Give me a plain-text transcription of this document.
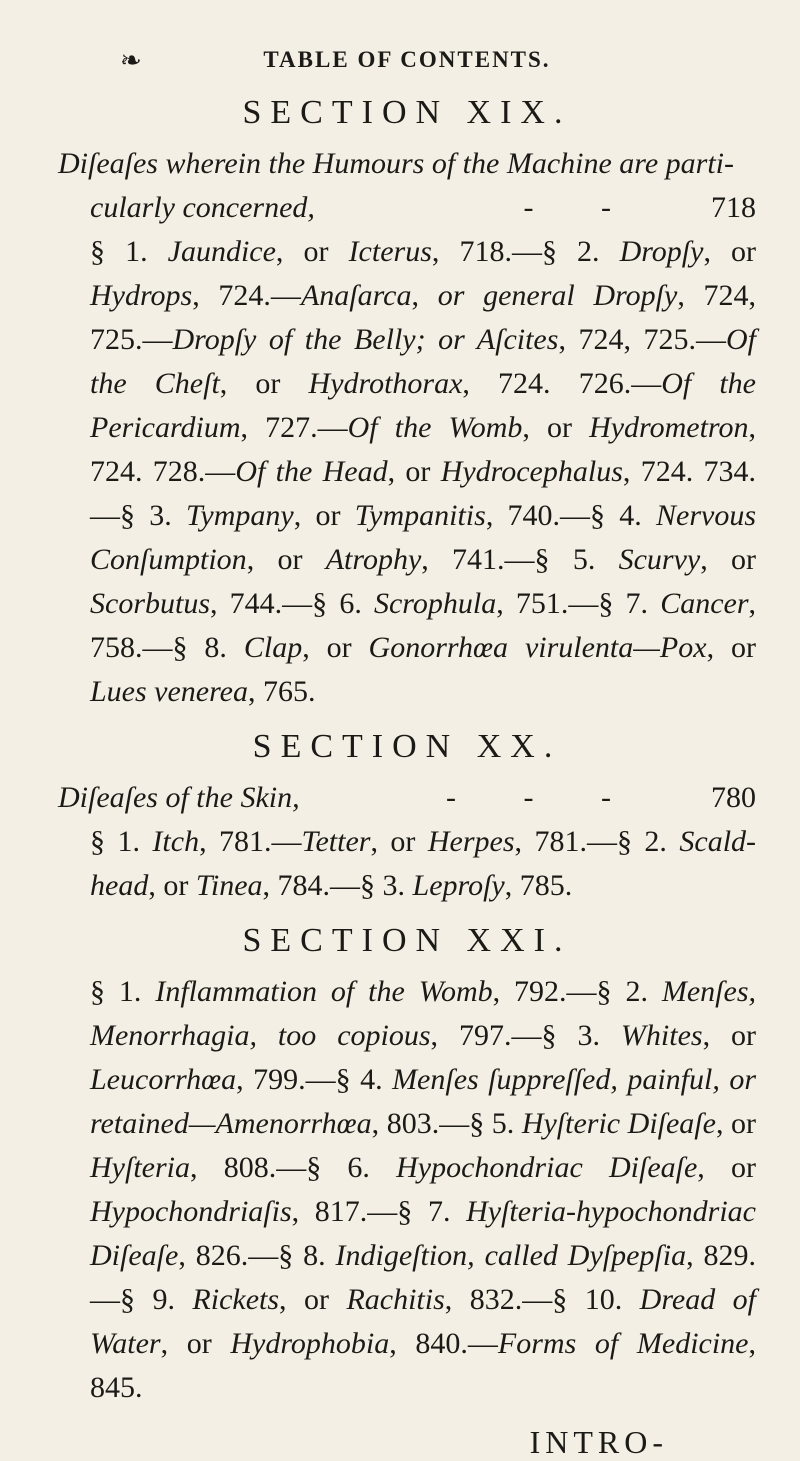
❧	TABLE OF CONTENTS.
SECTION XIX.
Diſeaſes wherein the Humours of the Machine are parti-
cularly concerned,	- - 718
§ 1. Jaundice, or Icterus, 718.—§ 2. Dropſy, or Hydrops, 724.—Anaſarca, or general Dropſy, 724, 725.—Dropſy of the Belly; or Aſcites, 724, 725.—Of the Cheſt, or Hydrothorax, 724. 726.—Of the Pericardium, 727.—Of the Womb, or Hydrometron, 724. 728.—Of the Head, or Hydrocephalus, 724. 734.—§ 3. Tympany, or Tympanitis, 740.—§ 4. Nervous Conſumption, or Atrophy, 741.—§ 5. Scurvy, or Scorbutus, 744.—§ 6. Scrophula, 751.—§ 7. Cancer, 758.—§ 8. Clap, or Gonorrhœa virulenta—Pox, or Lues venerea, 765.
SECTION XX.
Diſeaſes of the Skin,	- - - 780
§ 1. Itch, 781.—Tetter, or Herpes, 781.—§ 2. Scald-head, or Tinea, 784.—§ 3. Leproſy, 785.
SECTION XXI.
§ 1. Inflammation of the Womb, 792.—§ 2. Menſes, Menorrhagia, too copious, 797.—§ 3. Whites, or Leucorrhœa, 799.—§ 4. Menſes ſuppreſſed, painful, or retained—Amenorrhœa, 803.—§ 5. Hyſteric Diſeaſe, or Hyſteria, 808.—§ 6. Hypochondriac Diſeaſe, or Hypochondriaſis, 817.—§ 7. Hyſteria-hypochondriac Diſeaſe, 826.—§ 8. Indigeſtion, called Dyſpepſia, 829.—§ 9. Rickets, or Rachitis, 832.—§ 10. Dread of Water, or Hydrophobia, 840.—Forms of Medicine, 845.
INTRO-
